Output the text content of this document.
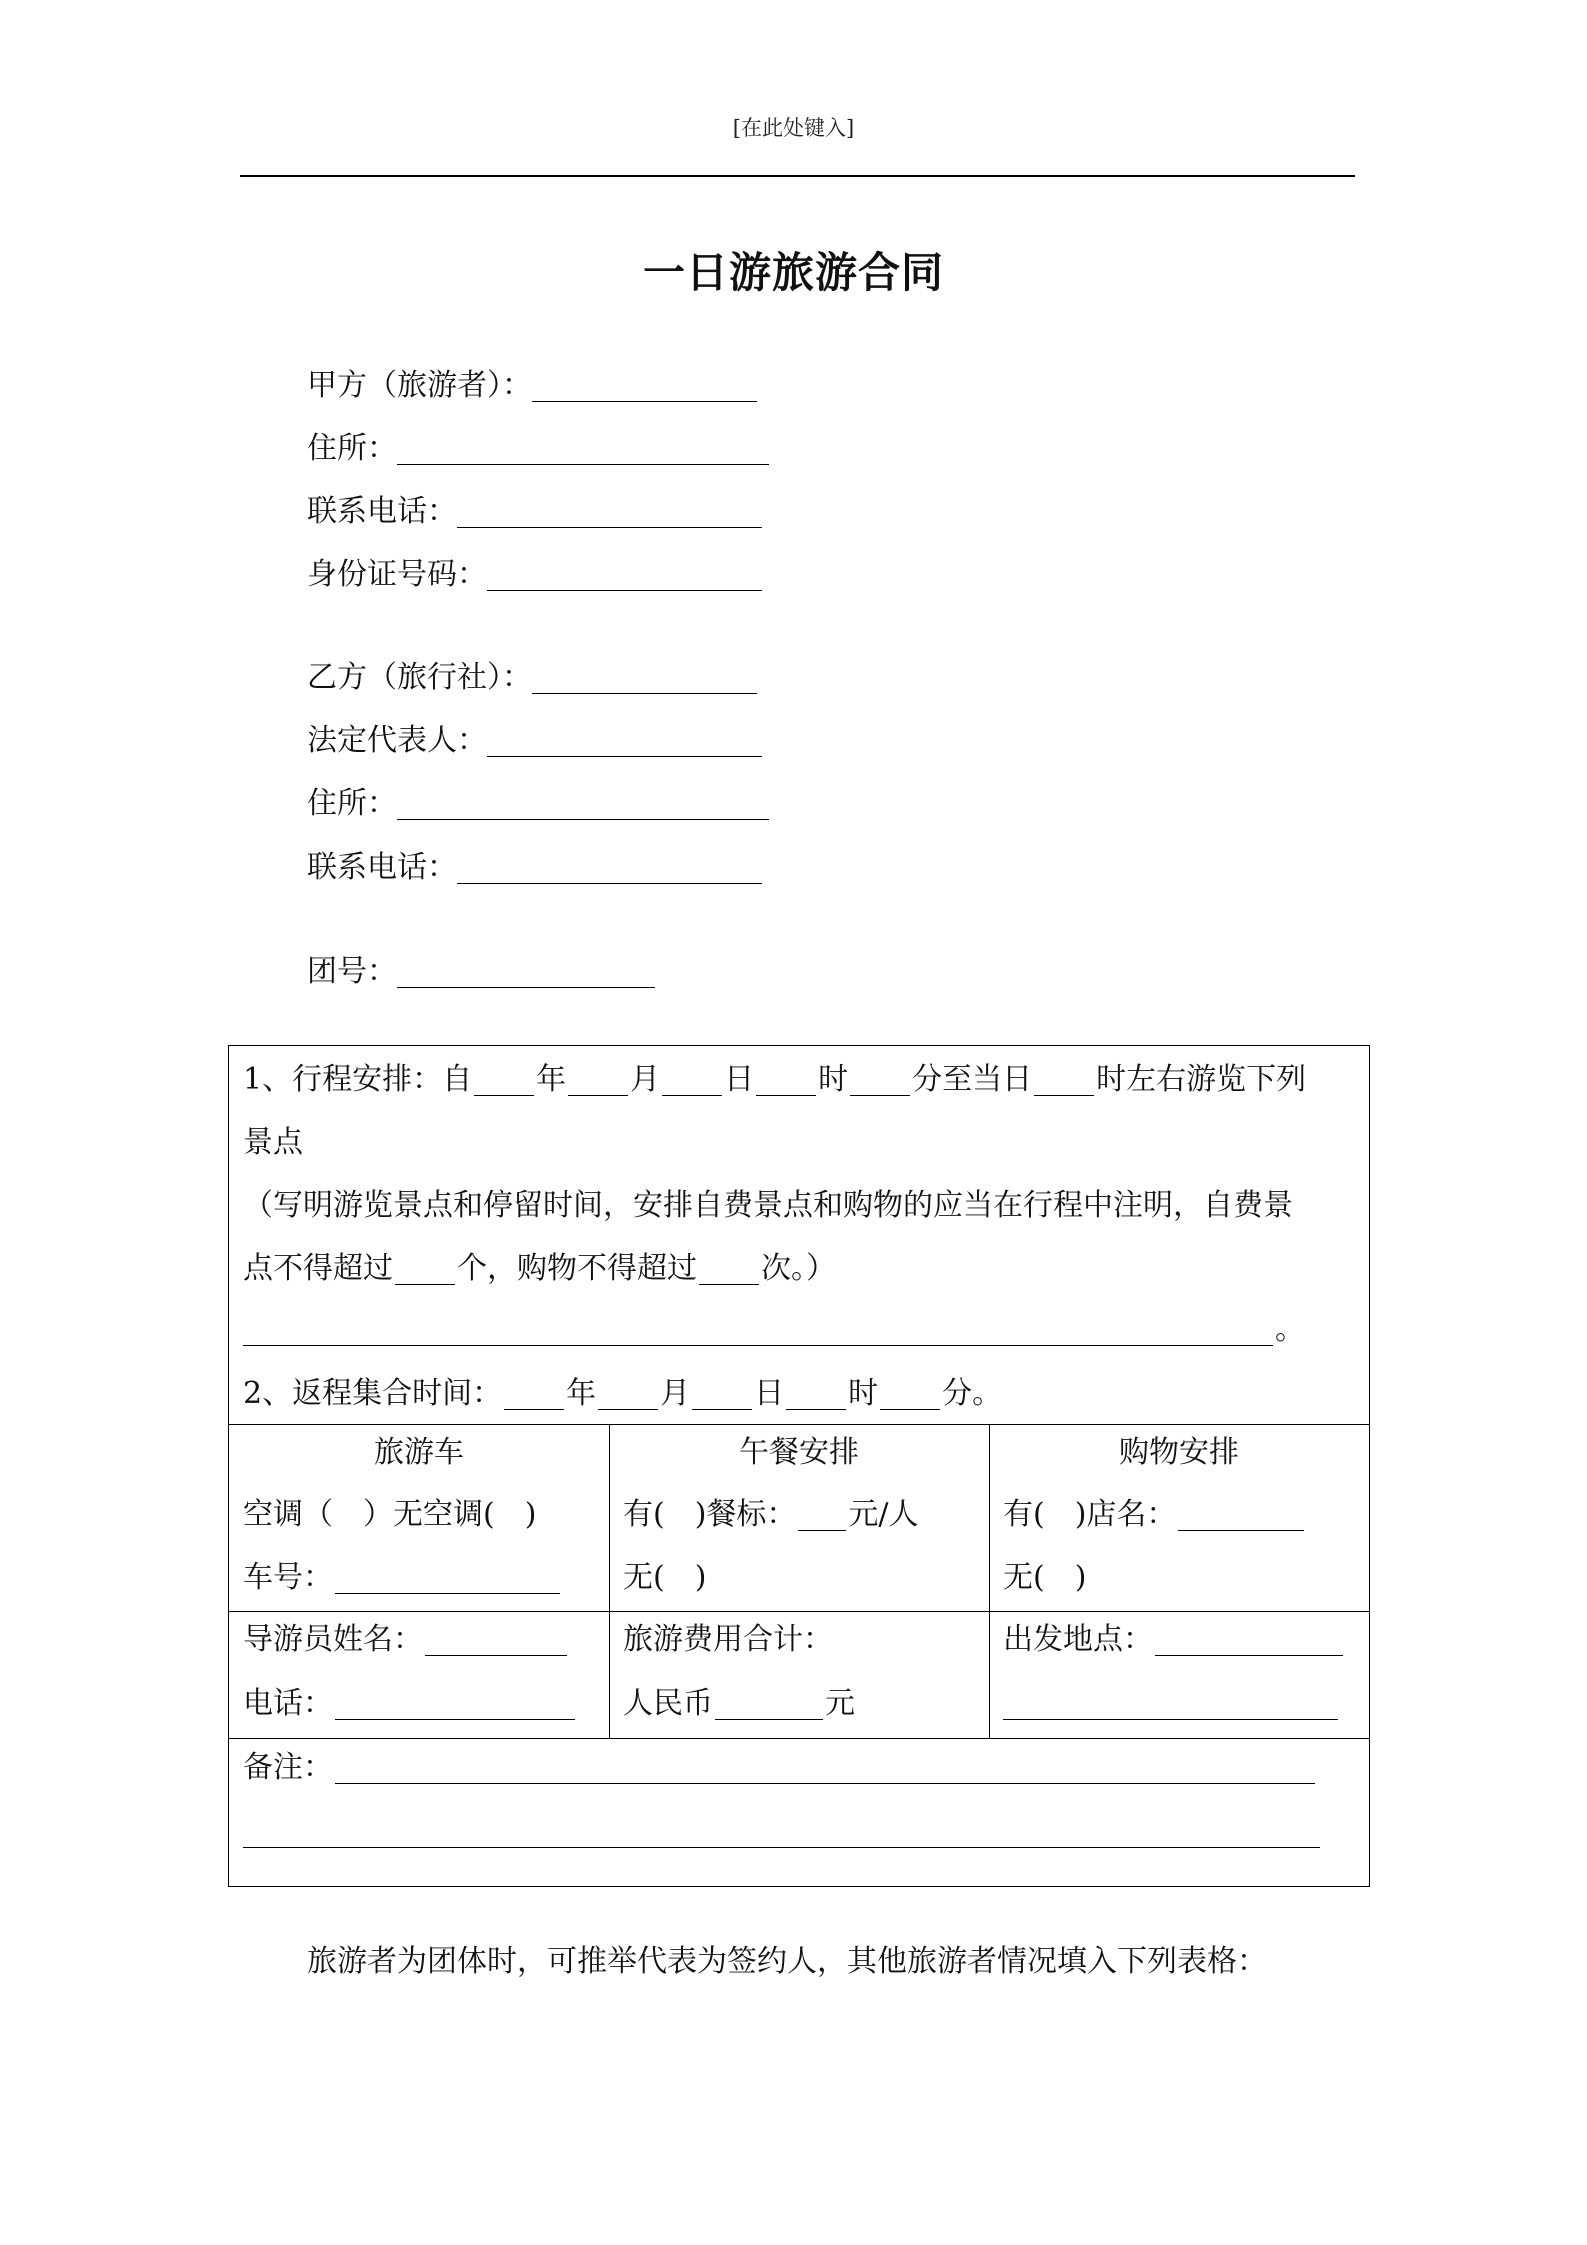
[在此处键入]
一日游旅游合同
甲方（旅游者）：
住所：
联系电话：
身份证号码：
乙方（旅行社）：
法定代表人：
住所：
联系电话：
团号：
1、行程安排：自 年 月 日 时 分至当日 时左右游览下列
景点
（写明游览景点和停留时间，安排自费景点和购物的应当在行程中注明，自费景
点不得超过 个，购物不得超过 次。）
。
2、返程集合时间： 年 月 日 时 分。
旅游车
空调（　）无空调(　)
车号：
午餐安排
有(　)餐标： 元/人
无(　)
购物安排
有(　)店名：
无(　)
导游员姓名：
电话：
旅游费用合计：
人民币	元
出发地点：
备注：
旅游者为团体时，可推举代表为签约人，其他旅游者情况填入下列表格：
